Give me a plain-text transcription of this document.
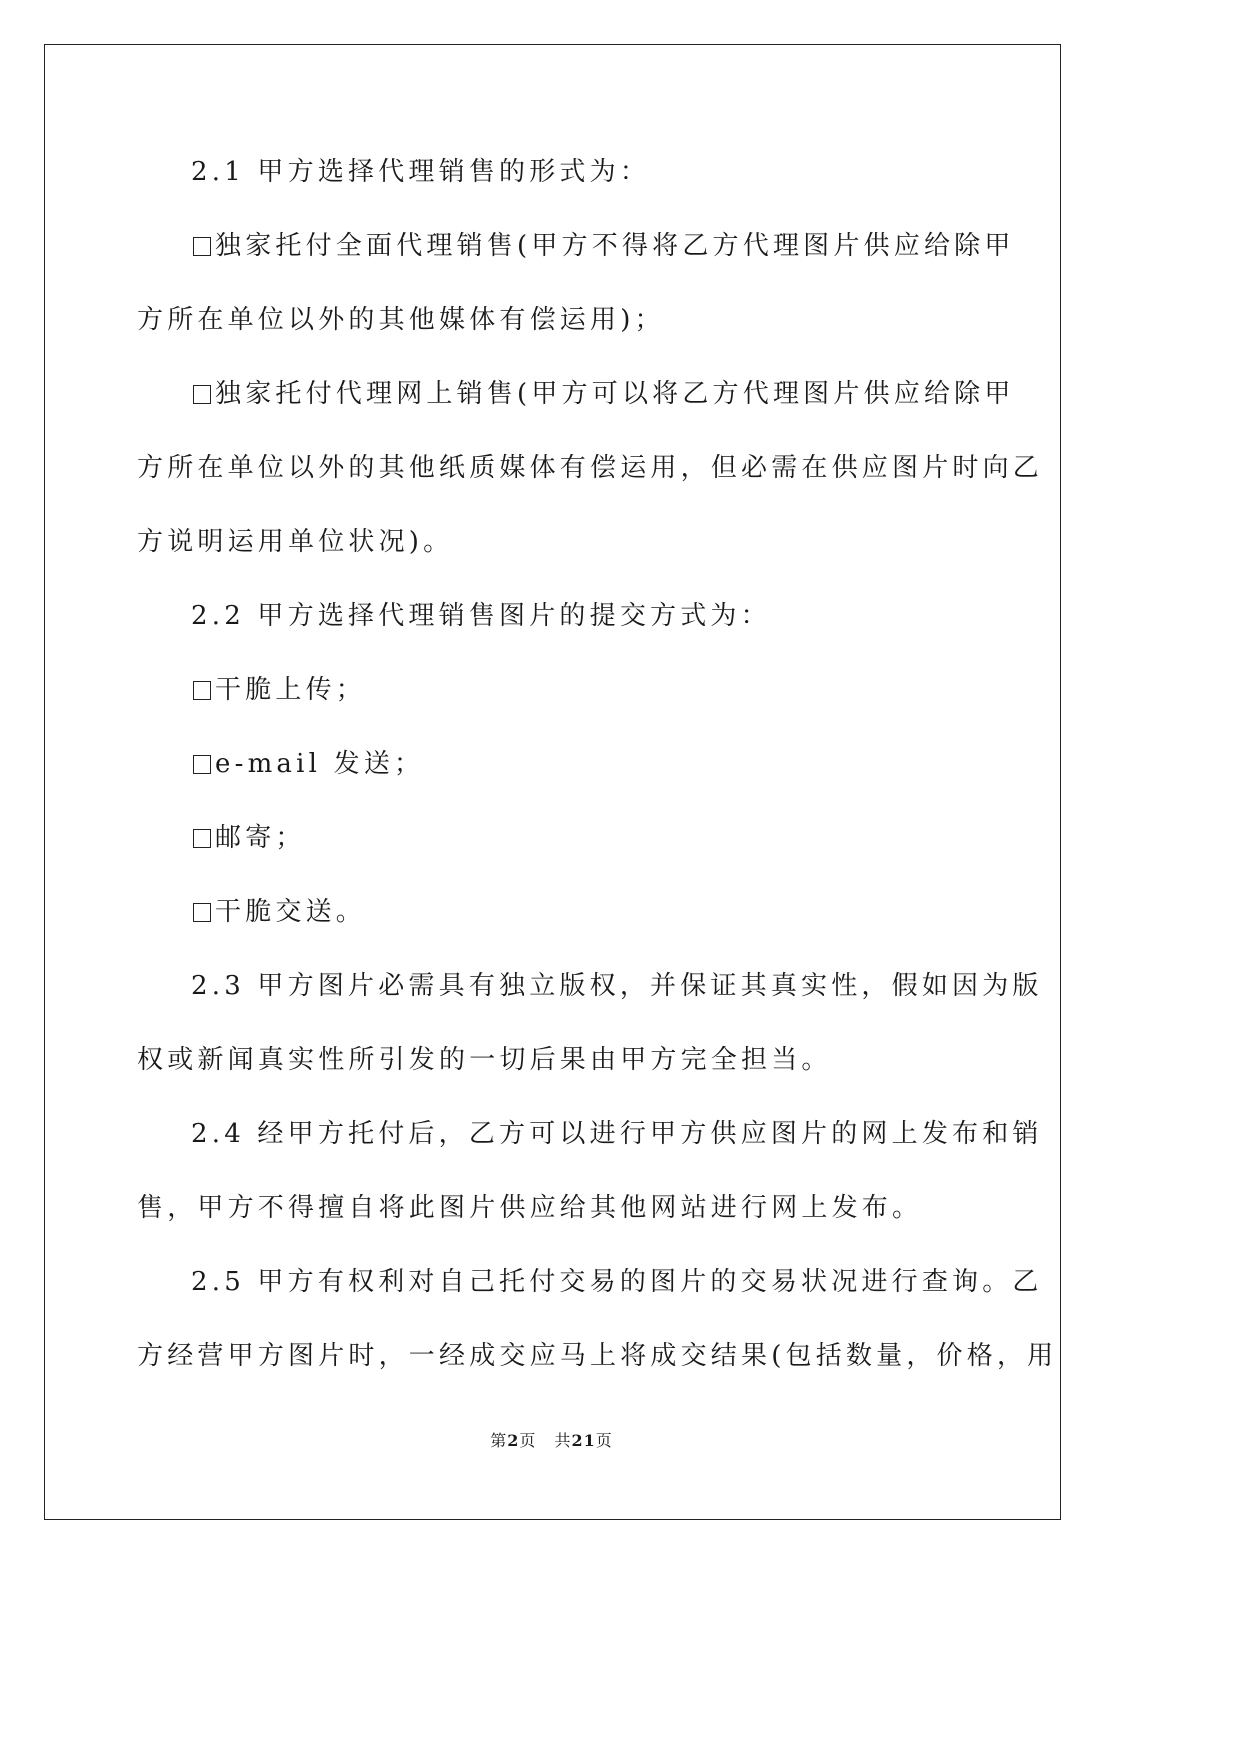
2.1 甲方选择代理销售的形式为：
独家托付全面代理销售(甲方不得将乙方代理图片供应给除甲
方所在单位以外的其他媒体有偿运用)；
独家托付代理网上销售(甲方可以将乙方代理图片供应给除甲
方所在单位以外的其他纸质媒体有偿运用，但必需在供应图片时向乙
方说明运用单位状况)。
2.2 甲方选择代理销售图片的提交方式为：
干脆上传；
e-mail 发送；
邮寄；
干脆交送。
2.3 甲方图片必需具有独立版权，并保证其真实性，假如因为版
权或新闻真实性所引发的一切后果由甲方完全担当。
2.4 经甲方托付后，乙方可以进行甲方供应图片的网上发布和销
售，甲方不得擅自将此图片供应给其他网站进行网上发布。
2.5 甲方有权利对自己托付交易的图片的交易状况进行查询。乙
方经营甲方图片时，一经成交应马上将成交结果(包括数量，价格，用
第2页 共21页
